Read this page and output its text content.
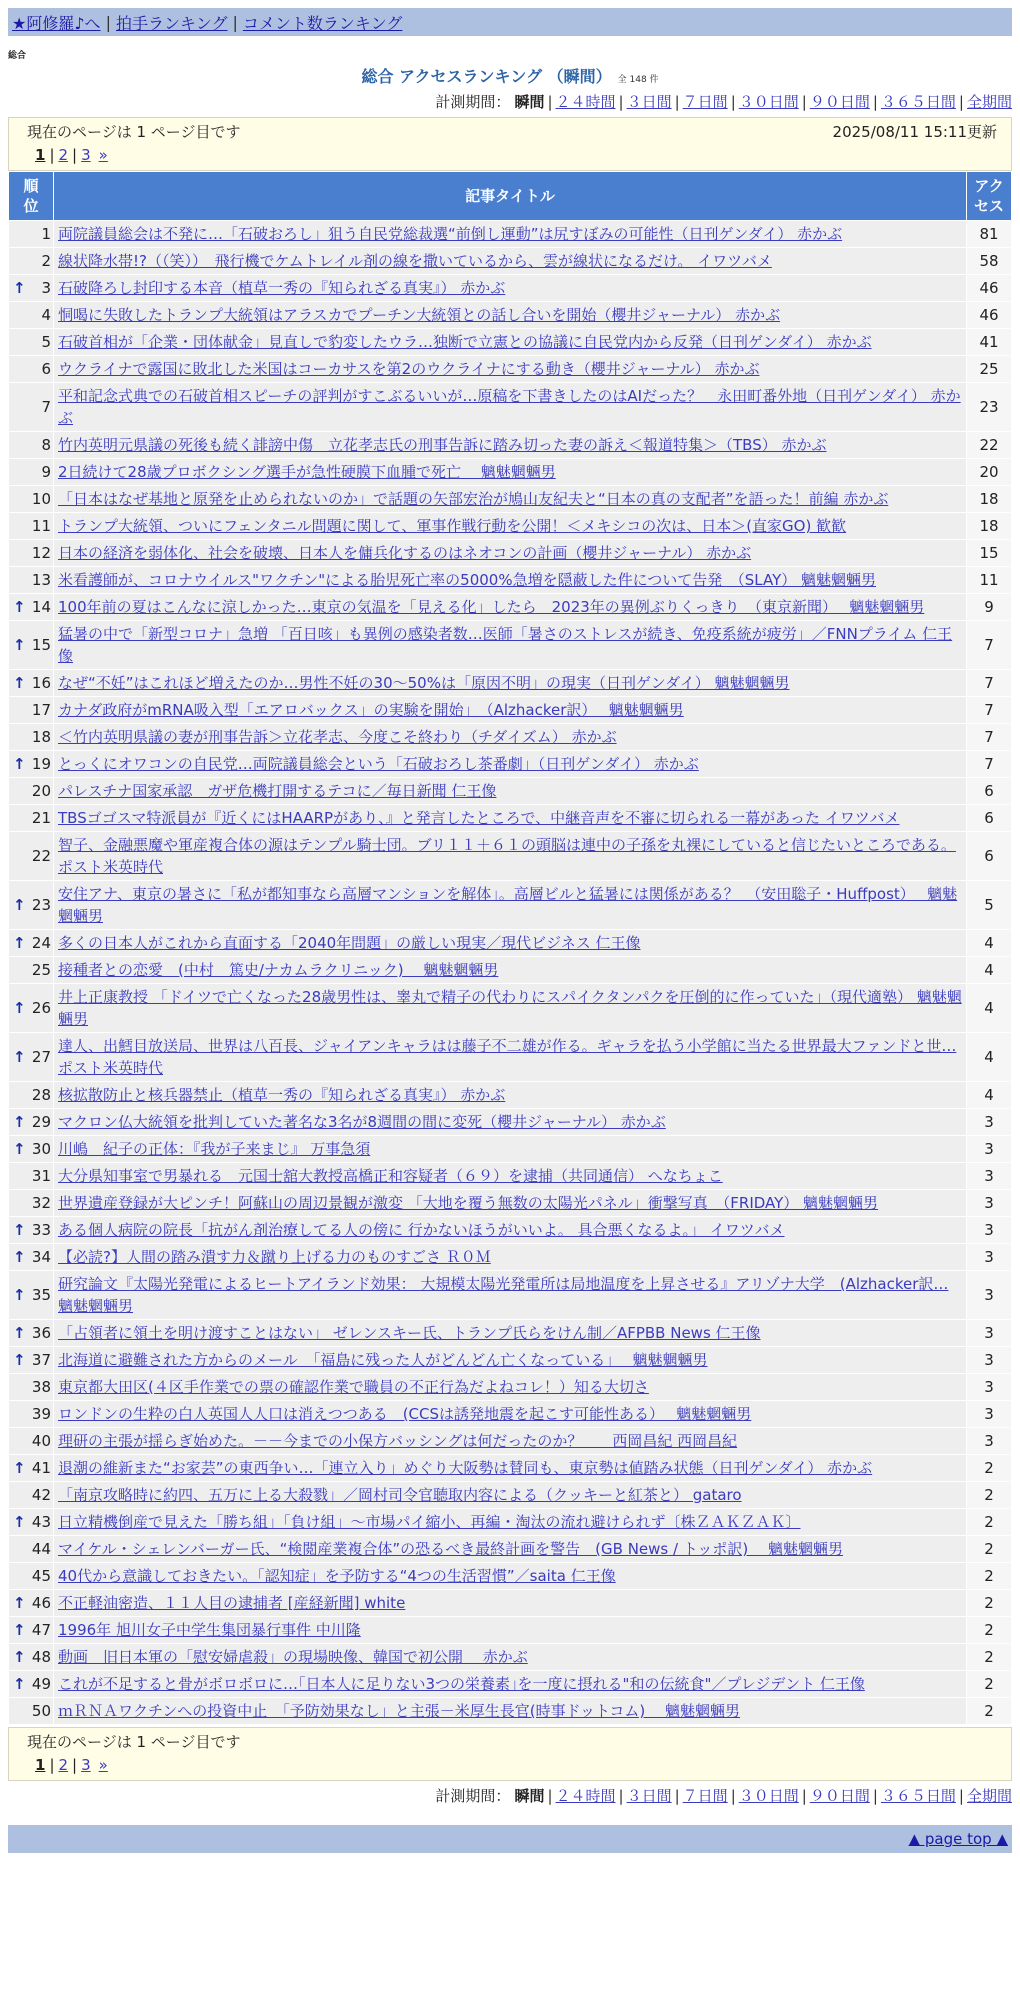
★阿修羅♪へ | 拍手ランキング | コメント数ランキング
総合
総合 アクセスランキング （瞬間） 全 148 件
計測期間： 瞬間 | ２４時間 | ３日間 | ７日間 | ３０日間 | ９０日間 | ３６５日間 | 全期間
現在のページは 1 ページ目です	2025/08/11 15:11更新
1 | 2 | 3 »
順位	記事タイトル	アクセス
1	両院議員総会は不発に…「石破おろし」狙う自民党総裁選“前倒し運動”は尻すぼみの可能性（日刊ゲンダイ） 赤かぶ	81
2	線状降水帯!?（（笑））　飛行機でケムトレイル剤の線を撒いているから、雲が線状になるだけ。 イワツバメ	58

↑ 3	石破降ろし封印する本音（植草一秀の『知られざる真実』） 赤かぶ	46
4	恫喝に失敗したトランプ大統領はアラスカでプーチン大統領との話し合いを開始（櫻井ジャーナル） 赤かぶ	46
5	石破首相が「企業・団体献金」見直しで豹変したウラ…独断で立憲との協議に自民党内から反発（日刊ゲンダイ） 赤かぶ	41
6	ウクライナで露国に敗北した米国はコーカサスを第2のウクライナにする動き（櫻井ジャーナル） 赤かぶ	25
7	平和記念式典での石破首相スピーチの評判がすこぶるいいが…原稿を下書きしたのはAIだった？　永田町番外地（日刊ゲンダイ） 赤かぶ	23
8	竹内英明元県議の死後も続く誹謗中傷　立花孝志氏の刑事告訴に踏み切った妻の訴え＜報道特集＞（TBS） 赤かぶ	22
9	2日続けて28歳プロボクシング選手が急性硬膜下血腫で死亡　 魑魅魍魎男	20
10	「日本はなぜ基地と原発を止められないのか」で話題の矢部宏治が鳩山友紀夫と“日本の真の支配者”を語った！前編 赤かぶ	18
11	トランプ大統領、ついにフェンタニル問題に関して、軍事作戦行動を公開！＜メキシコの次は、日本＞(直家GO) 歓歓	18
12	日本の経済を弱体化、社会を破壊、日本人を傭兵化するのはネオコンの計画（櫻井ジャーナル） 赤かぶ	15
13	米看護師が、コロナウイルス"ワクチン"による胎児死亡率の5000%急増を隠蔽した件について告発　（SLAY） 魑魅魍魎男	11

↑ 14	100年前の夏はこんなに涼しかった…東京の気温を「見える化」したら　2023年の異例ぶりくっきり　（東京新聞）　 魑魅魍魎男	9

↑ 15	猛暑の中で「新型コロナ」急増 「百日咳」も異例の感染者数…医師「暑さのストレスが続き、免疫系統が疲労」／FNNプライム 仁王像	7

↑ 16	なぜ“不妊”はこれほど増えたのか…男性不妊の30～50%は「原因不明」の現実（日刊ゲンダイ） 魑魅魍魎男	7
17	カナダ政府がmRNA吸入型「エアロバックス」の実験を開始」　（Alzhacker訳）　 魑魅魍魎男	7
18	＜竹内英明県議の妻が刑事告訴＞立花孝志、今度こそ終わり（チダイズム） 赤かぶ	7

↑ 19	とっくにオワコンの自民党…両院議員総会という「石破おろし茶番劇」（日刊ゲンダイ） 赤かぶ	7
20	パレスチナ国家承認　ガザ危機打開するテコに／毎日新聞 仁王像	6
21	TBSゴゴスマ特派員が『近くにはHAARPがあり、』と発言したところで、中継音声を不審に切られる一幕があった イワツバメ	6
22	智子、金融悪魔や軍産複合体の源はテンプル騎士団。ブリ１１＋６１の頭脳は連中の子孫を丸裸にしていると信じたいところである。 ポスト米英時代	6

↑ 23	安住アナ、東京の暑さに「私が都知事なら高層マンションを解体」。高層ビルと猛暑には関係がある？　（安田聡子・Huffpost）　 魑魅魍魎男	5

↑ 24	多くの日本人がこれから直面する「2040年問題」の厳しい現実／現代ビジネス 仁王像	4
25	接種者との恋愛　(中村　篤史/ナカムラクリニック)　 魑魅魍魎男	4

↑ 26	井上正康教授 「ドイツで亡くなった28歳男性は、睾丸で精子の代わりにスパイクタンパクを圧倒的に作っていた」（現代適塾） 魑魅魍魎男	4

↑ 27	達人、出鱈目放送局、世界は八百長、ジャイアンキャラはは藤子不二雄が作る。ギャラを払う小学館に当たる世界最大ファンドと世… ポスト米英時代	4
28	核拡散防止と核兵器禁止（植草一秀の『知られざる真実』） 赤かぶ	4

↑ 29	マクロン仏大統領を批判していた著名な3名が8週間の間に変死（櫻井ジャーナル） 赤かぶ	3

↑ 30	川嶋　紀子の正体：『我が子来まじ』 万事急須	3
31	大分県知事室で男暴れる　元国士舘大教授高橋正和容疑者（６９）を逮捕（共同通信） へなちょこ	3
32	世界遺産登録が大ピンチ！阿蘇山の周辺景観が激変 「大地を覆う無数の太陽光パネル」衝撃写真　（FRIDAY） 魑魅魍魎男	3

↑ 33	ある個人病院の院長「抗がん剤治療してる人の傍に 行かないほうがいいよ。 具合悪くなるよ。」 イワツバメ	3

↑ 34	【必読?】人間の踏み潰す力＆蹴り上げる力のものすごさ Ｒ０Ｍ	3

↑ 35	研究論文『太陽光発電によるヒートアイランド効果： 大規模太陽光発電所は局地温度を上昇させる』アリゾナ大学　(Alzhacker訳… 魑魅魍魎男	3

↑ 36	「占領者に領土を明け渡すことはない」 ゼレンスキー氏、トランプ氏らをけん制／AFPBB News 仁王像	3

↑ 37	北海道に避難された方からのメール　「福島に残った人がどんどん亡くなっている」　 魑魅魍魎男	3
38	東京都大田区(４区手作業での票の確認作業で職員の不正行為だよねコレ！）知る大切さ	3
39	ロンドンの生粋の白人英国人人口は消えつつある　(CCSは誘発地震を起こす可能性ある）　 魑魅魍魎男	3
40	理研の主張が揺らぎ始めた。－－今までの小保方バッシングは何だったのか？　　西岡昌紀 西岡昌紀	3

↑ 41	退潮の維新また“お家芸”の東西争い…「連立入り」めぐり大阪勢は賛同も、東京勢は値踏み状態（日刊ゲンダイ） 赤かぶ	2
42	「南京攻略時に約四、五万に上る大殺戮」／岡村司令官聴取内容による（クッキーと紅茶と） gataro	2

↑ 43	日立精機倒産で見えた「勝ち組」「負け組」～市場パイ縮小、再編・淘汰の流れ避けられず〔株ＺＡＫＺＡＫ〕	2
44	マイケル・シェレンバーガー氏、“検閲産業複合体”の恐るべき最終計画を警告　(GB News / トッポ訳)　 魑魅魍魎男	2
45	40代から意識しておきたい。「認知症」を予防する“4つの生活習慣”／saita 仁王像	2

↑ 46	不正軽油密造、１１人目の逮捕者 [産経新聞] white	2

↑ 47	1996年 旭川女子中学生集団暴行事件 中川隆	2

↑ 48	動画　旧日本軍の「慰安婦虐殺」の現場映像、韓国で初公開　 赤かぶ	2

↑ 49	これが不足すると骨がボロボロに…｢日本人に足りない3つの栄養素｣を一度に摂れる"和の伝統食"／プレジデント 仁王像	2
50	ｍＲＮＡワクチンへの投資中止　「予防効果なし」と主張－米厚生長官(時事ドットコム)　 魑魅魍魎男	2
現在のページは 1 ページ目です
1 | 2 | 3 »
計測期間： 瞬間 | ２４時間 | ３日間 | ７日間 | ３０日間 | ９０日間 | ３６５日間 | 全期間
▲ page top ▲
